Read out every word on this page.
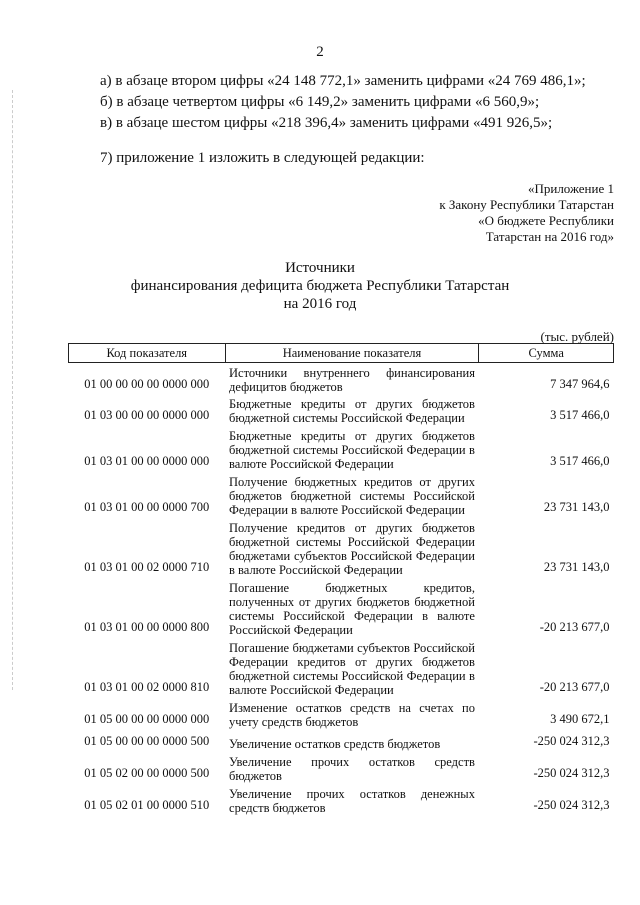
2
а) в абзаце втором цифры «24 148 772,1» заменить цифрами «24 769 486,1»;
б) в абзаце четвертом цифры «6 149,2» заменить цифрами «6 560,9»;
в) в абзаце шестом цифры «218 396,4» заменить цифрами «491 926,5»;
7) приложение 1 изложить в следующей редакции:
«Приложение 1
к Закону Республики Татарстан
«О бюджете Республики
Татарстан на 2016 год»
Источники
финансирования дефицита бюджета Республики Татарстан
на 2016 год
(тыс. рублей)
Код показателя	Наименование показателя	Сумма
01 00 00 00 00 0000 000	Источники внутреннего финансирования дефицитов бюджетов	7 347 964,6
01 03 00 00 00 0000 000	Бюджетные кредиты от других бюджетов бюджетной системы Российской Федерации	3 517 466,0
01 03 01 00 00 0000 000	Бюджетные кредиты от других бюджетов бюджетной системы Российской Федерации в валюте Российской Федерации	3 517 466,0
01 03 01 00 00 0000 700	Получение бюджетных кредитов от других бюджетов бюджетной системы Российской Федерации в валюте Российской Федерации	23 731 143,0
01 03 01 00 02 0000 710	Получение кредитов от других бюджетов бюджетной системы Российской Федерации бюджетами субъектов Российской Федерации в валюте Российской Федерации	23 731 143,0
01 03 01 00 00 0000 800	Погашение бюджетных кредитов, полученных от других бюджетов бюджетной системы Российской Федерации в валюте Российской Федерации	-20 213 677,0
01 03 01 00 02 0000 810	Погашение бюджетами субъектов Российской Федерации кредитов от других бюджетов бюджетной системы Российской Федерации в валюте Российской Федерации	-20 213 677,0
01 05 00 00 00 0000 000	Изменение остатков средств на счетах по учету средств бюджетов	3 490 672,1
01 05 00 00 00 0000 500	Увеличение остатков средств бюджетов	-250 024 312,3
01 05 02 00 00 0000 500	Увеличение прочих остатков средств бюджетов	-250 024 312,3
01 05 02 01 00 0000 510	Увеличение прочих остатков денежных средств бюджетов	-250 024 312,3
